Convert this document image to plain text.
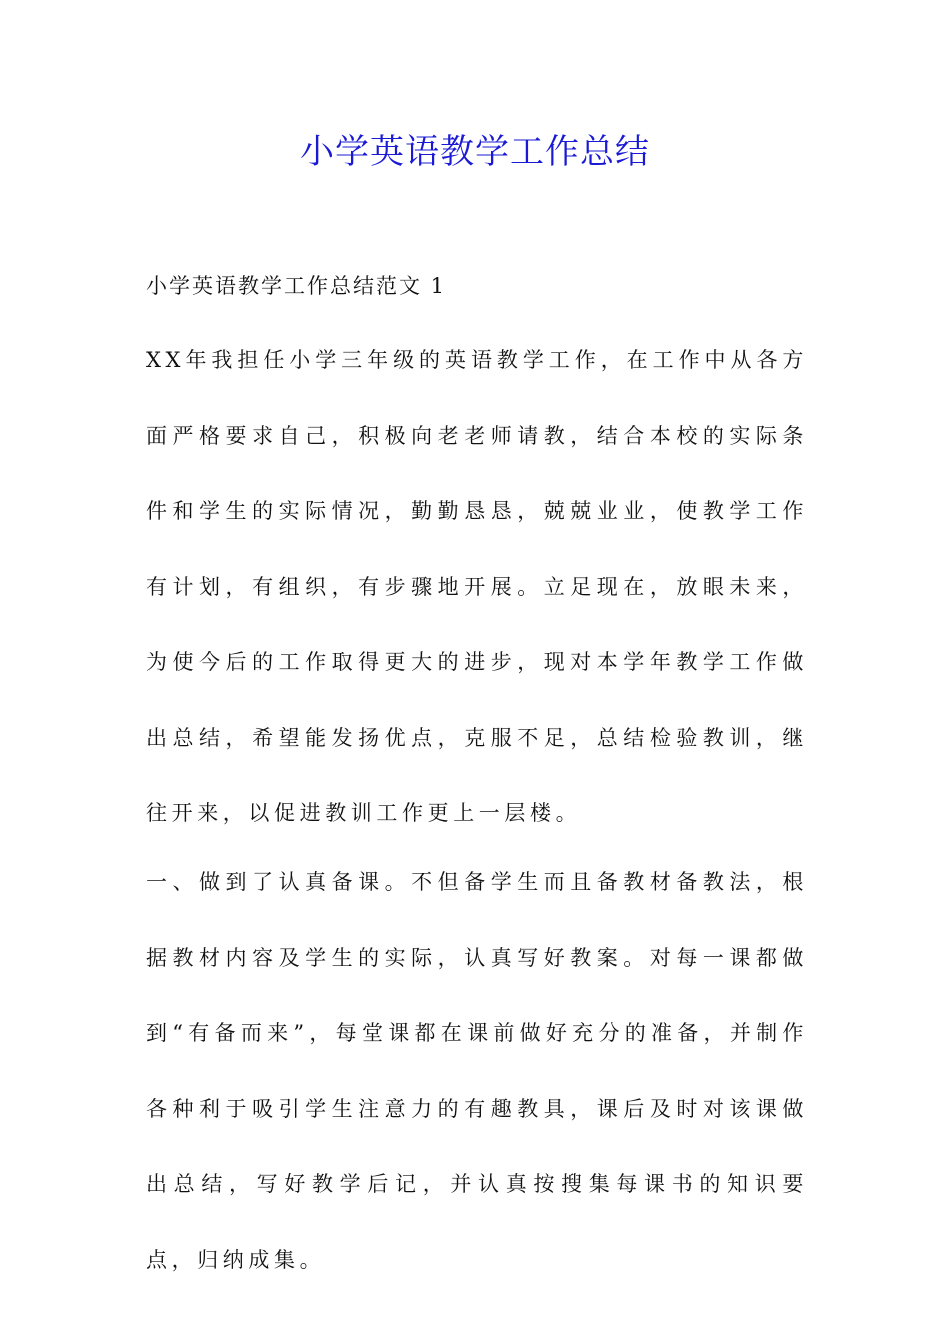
小学英语教学工作总结

小学英语教学工作总结范文 1

XX年我担任小学三年级的英语教学工作，在工作中从各方面严格要求自己，积极向老老师请教，结合本校的实际条件和学生的实际情况，勤勤恳恳，兢兢业业，使教学工作有计划，有组织，有步骤地开展。立足现在，放眼未来，为使今后的工作取得更大的进步，现对本学年教学工作做出总结，希望能发扬优点，克服不足，总结检验教训，继往开来，以促进教训工作更上一层楼。

一、做到了认真备课。不但备学生而且备教材备教法，根据教材内容及学生的实际，认真写好教案。对每一课都做到“有备而来”，每堂课都在课前做好充分的准备，并制作各种利于吸引学生注意力的有趣教具，课后及时对该课做出总结，写好教学后记，并认真按搜集每课书的知识要点，归纳成集。
